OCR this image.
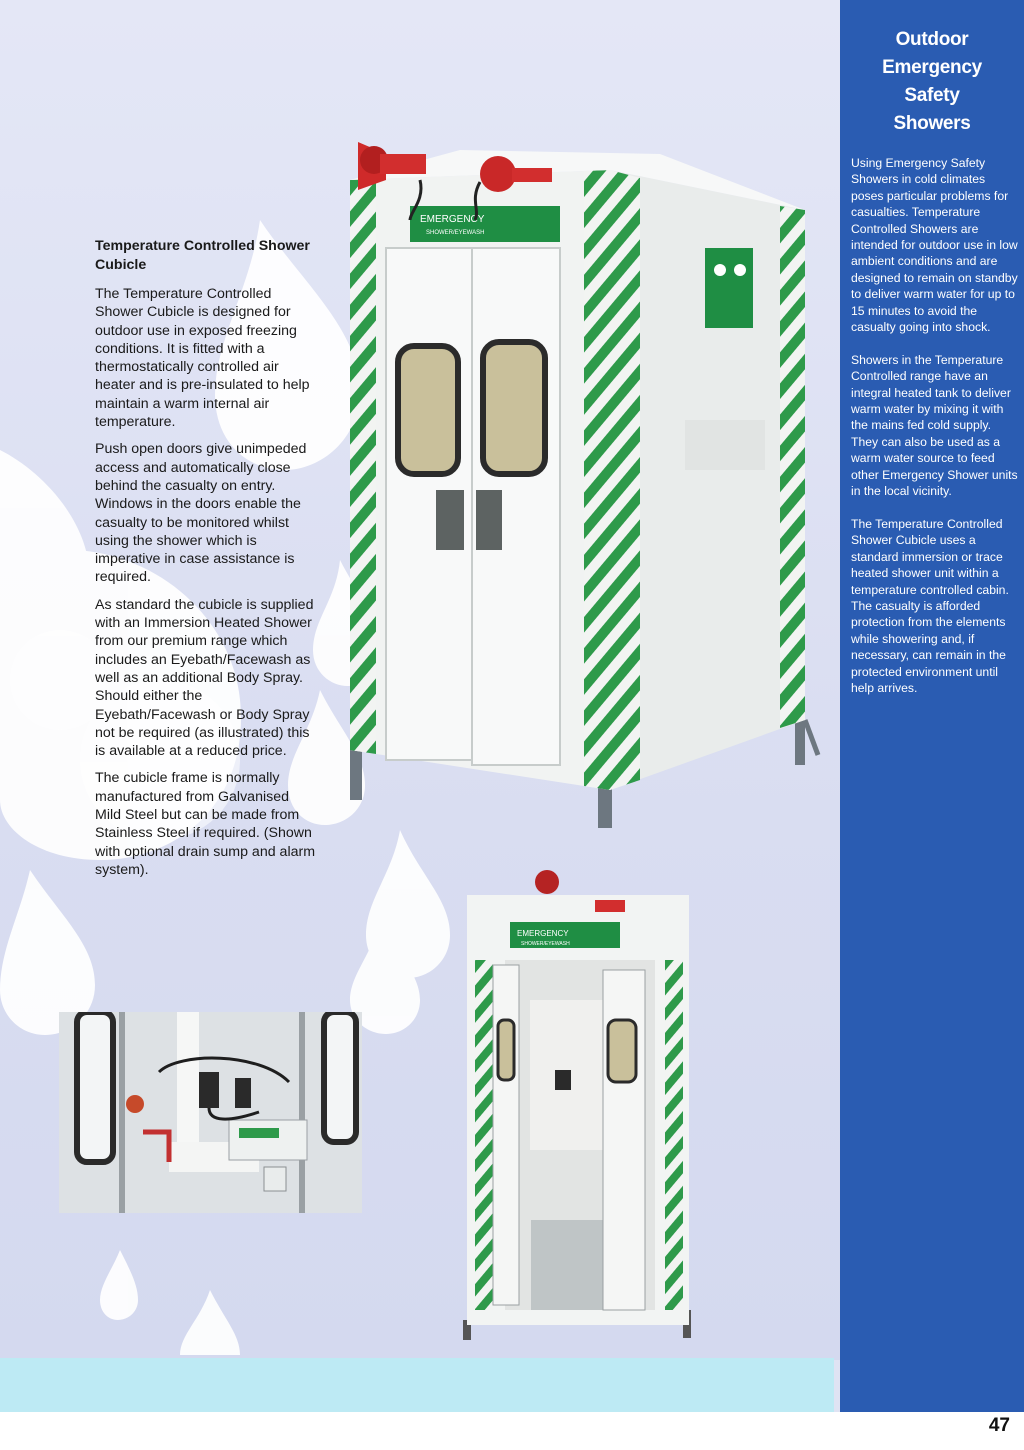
Temperature Controlled Shower Cubicle

The Temperature Controlled Shower Cubicle is designed for outdoor use in exposed freezing conditions. It is fitted with a thermostatically controlled air heater and is pre-insulated to help maintain a warm internal air temperature.

Push open doors give unimpeded access and automatically close behind the casualty on entry. Windows in the doors enable the casualty to be monitored whilst using the shower which is imperative in case assistance is required.

As standard the cubicle is supplied with an Immersion Heated Shower from our premium range which includes an Eyebath/Facewash as well as an additional Body Spray. Should either the Eyebath/Facewash or Body Spray not be required (as illustrated) this is available at a reduced price.

The cubicle frame is normally manufactured from Galvanised Mild Steel but can be made from Stainless Steel if required. (Shown with optional drain sump and alarm system).

EMERGENCY
SHOWER/EYEWASH
EMERGENCY
SHOWER/EYEWASH
Outdoor
Emergency
Safety
Showers

Using Emergency Safety Showers in cold climates poses particular problems for casualties. Temperature Controlled Showers are intended for outdoor use in low ambient conditions and are designed to remain on standby to deliver warm water for up to 15 minutes to avoid the casualty going into shock.

Showers in the Temperature Controlled range have an integral heated tank to deliver warm water by mixing it with the mains fed cold supply. They can also be used as a warm water source to feed other Emergency Shower units in the local vicinity.

The Temperature Controlled Shower Cubicle uses a standard immersion or trace heated shower unit within a temperature controlled cabin. The casualty is afforded protection from the elements while showering and, if necessary, can remain in the protected environment until help arrives.

47
